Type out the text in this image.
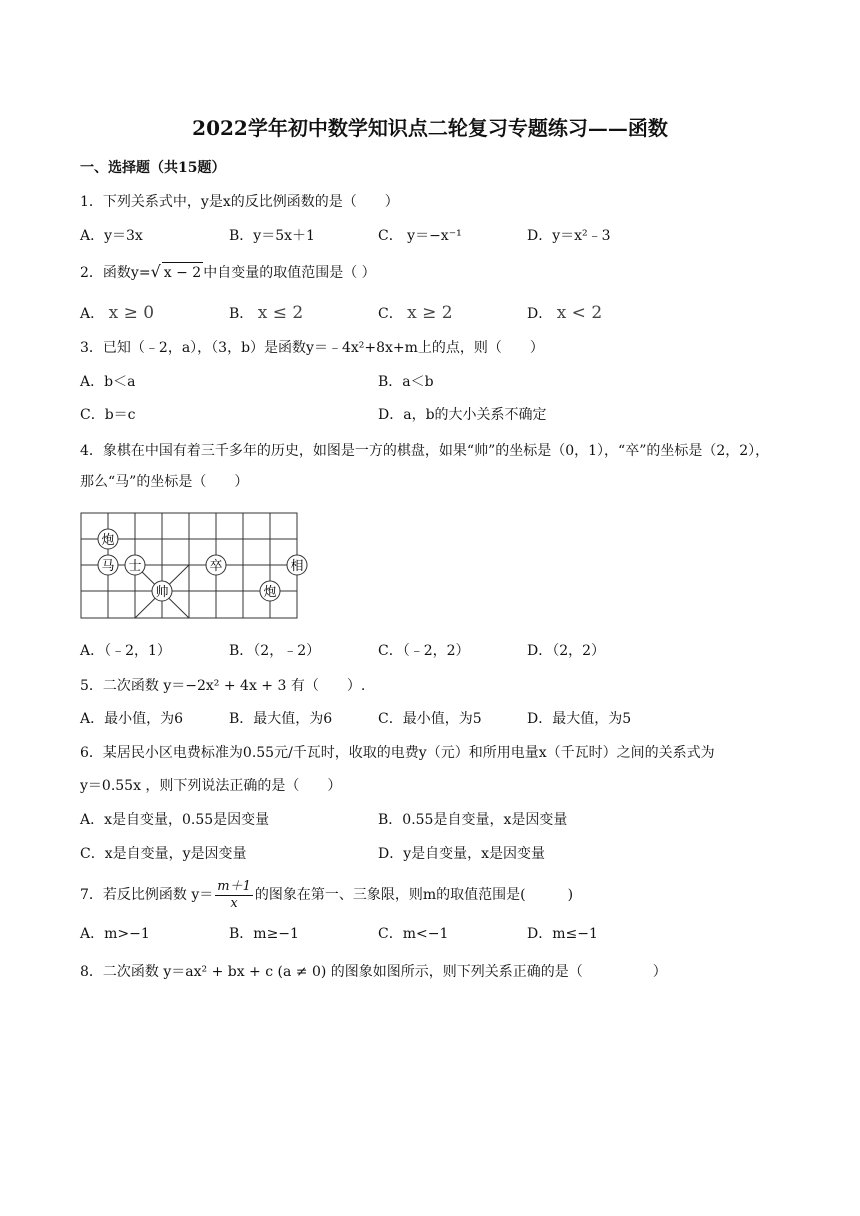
2022学年初中数学知识点二轮复习专题练习——函数
一、选择题（共15题）
1．下列关系式中，y是x的反比例函数的是（　　）
A．y＝3x	B．y＝5x＋1	C． y＝−x⁻¹	D．y＝x²﹣3
2．函数y=√ x − 2 中自变量的取值范围是（ ）
A． x ≥ 0	B． x ≤ 2	C． x ≥ 2	D． x < 2
3．已知（﹣2，a），（3，b）是函数y＝﹣4x²+8x+m上的点，则（　　）
A．b＜a	B．a＜b
C．b＝c	D．a，b的大小关系不确定
4．象棋在中国有着三千多年的历史，如图是一方的棋盘，如果“帅”的坐标是（0，1），“卒”的坐标是（2，2），
那么“马”的坐标是（　　）
炮
马 士	卒	相
帅	炮
A．（﹣2，1）	B．（2，﹣2）	C．（﹣2，2）	D．（2，2）
5．二次函数 y＝−2x² + 4x + 3 有（　　）.
A．最小值，为6	B．最大值，为6	C．最小值，为5	D．最大值，为5
6．某居民小区电费标准为0.55元/千瓦时，收取的电费y（元）和所用电量x（千瓦时）之间的关系式为
y＝0.55x ，则下列说法正确的是（　　）
A．x是自变量，0.55是因变量	B．0.55是自变量，x是因变量
C．x是自变量，y是因变量	D．y是自变量，x是因变量
7．若反比例函数 $y= \frac{m+1}{x}$ 的图象在第一、三象限，则m的取值范围是(　　　)
A．m>−1	B．m≥−1	C．m<−1	D．m≤−1
8．二次函数 y＝ax² + bx + c (a ≠ 0) 的图象如图所示，则下列关系正确的是（　　　　　）
